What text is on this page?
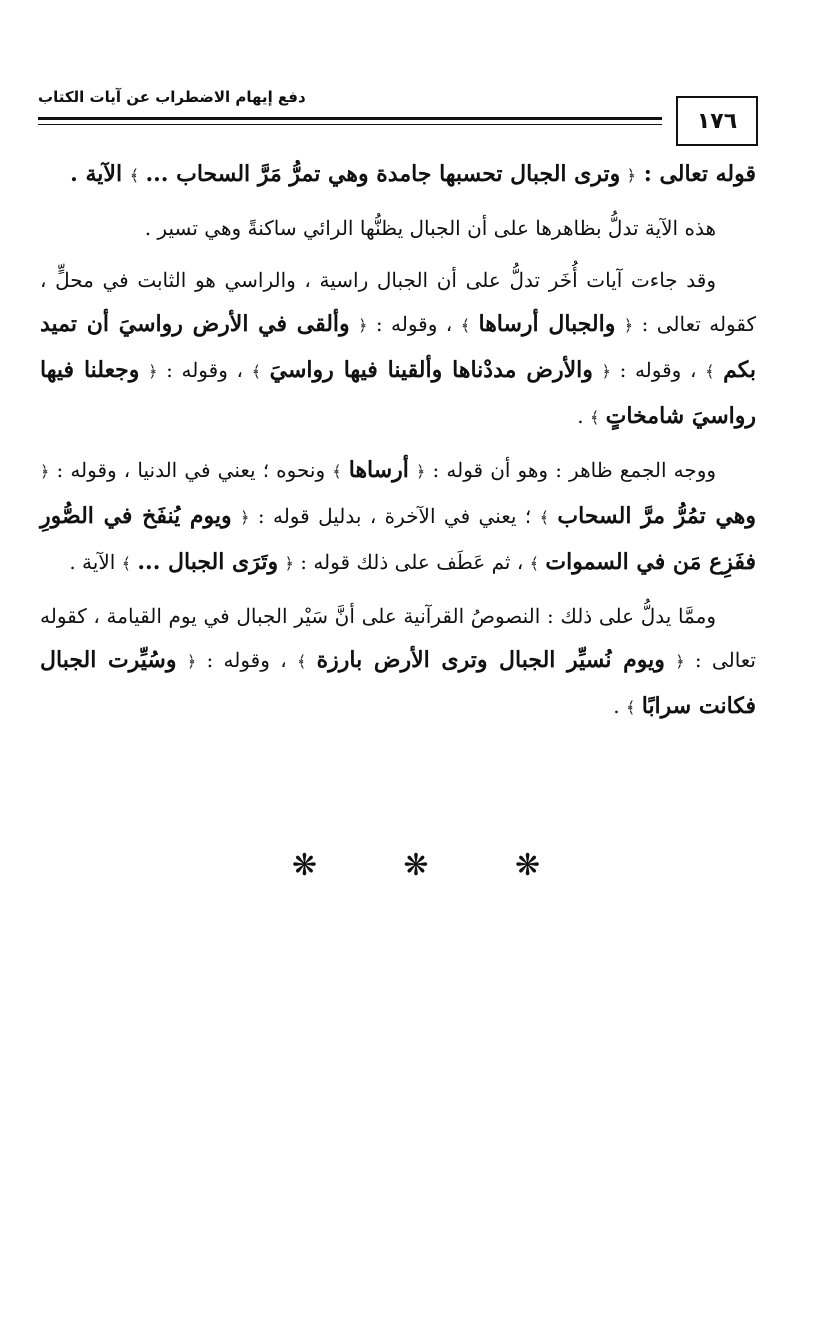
دفع إيهام الاضطراب عن آيات الكتاب
١٧٦

قوله تعالى : ﴿ وترى الجبال تحسبها جامدة وهي تمرُّ مَرَّ السحاب ... ﴾ الآية .

هذه الآية تدلُّ بظاهرها على أن الجبال يظنُّها الرائي ساكنةً وهي تسير .

وقد جاءت آيات أُخَر تدلُّ على أن الجبال راسية ، والراسي هو الثابت في محلٍّ ، كقوله تعالى : ﴿ والجبال أرساها ﴾ ، وقوله : ﴿ وألقى في الأرض رواسيَ أن تميد بكم ﴾ ، وقوله : ﴿ والأرض مددْناها وألقينا فيها رواسيَ ﴾ ، وقوله : ﴿ وجعلنا فيها رواسيَ شامخاتٍ ﴾ .

ووجه الجمع ظاهر : وهو أن قوله : ﴿ أرساها ﴾ ونحوه ؛ يعني في الدنيا ، وقوله : ﴿ وهي تمُرُّ مرَّ السحاب ﴾ ؛ يعني في الآخرة ، بدليل قوله : ﴿ ويوم يُنفَخ في الصُّورِ ففَزِع مَن في السموات ﴾ ، ثم عَطَف على ذلك قوله : ﴿ وتَرَى الجبال ... ﴾ الآية .

وممَّا يدلُّ على ذلك : النصوصُ القرآنية على أنَّ سَيْر الجبال في يوم القيامة ، كقوله تعالى : ﴿ ويوم نُسيِّر الجبال وترى الأرض بارزة ﴾ ، وقوله : ﴿ وسُيِّرت الجبال فكانت سرابًا ﴾ .

❋ ❋ ❋
